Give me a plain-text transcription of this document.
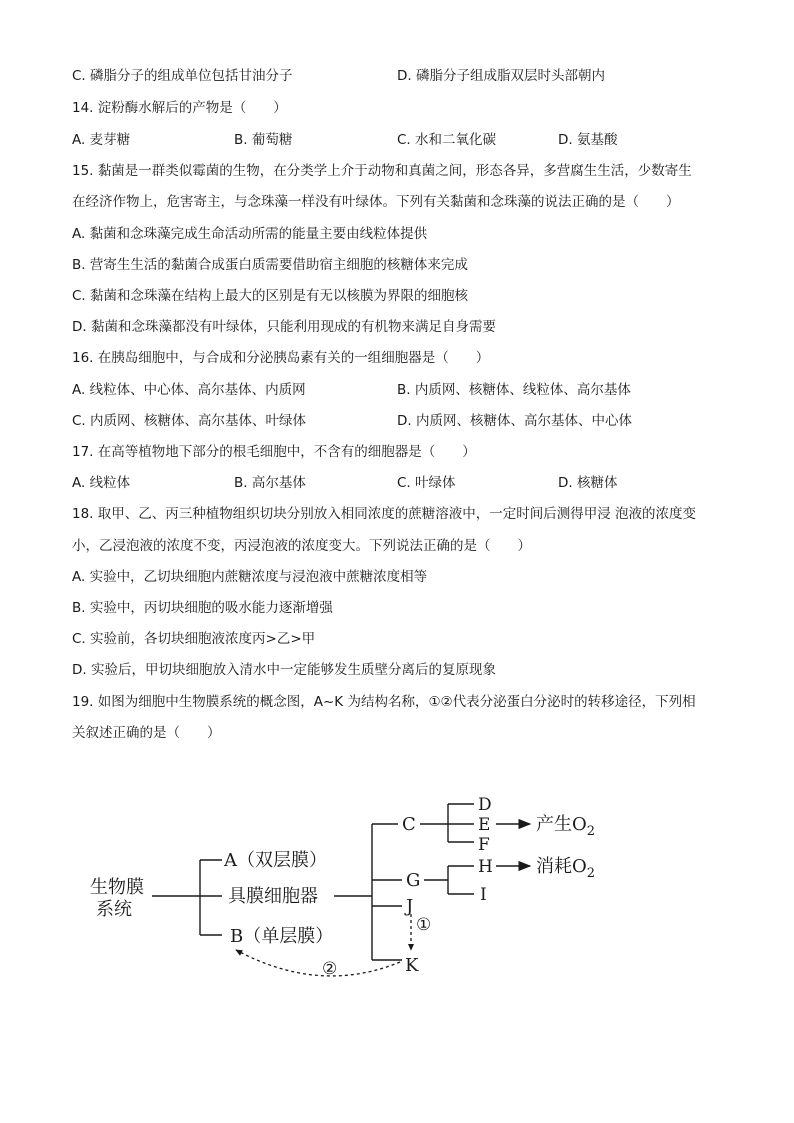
C. 磷脂分子的组成单位包括甘油分子	D. 磷脂分子组成脂双层时头部朝内
14. 淀粉酶水解后的产物是（　　）
A. 麦芽糖	B. 葡萄糖	C. 水和二氧化碳	D. 氨基酸
15. 黏菌是一群类似霉菌的生物，在分类学上介于动物和真菌之间，形态各异，多营腐生生活，少数寄生
在经济作物上，危害寄主，与念珠藻一样没有叶绿体。下列有关黏菌和念珠藻的说法正确的是（　　）
A. 黏菌和念珠藻完成生命活动所需的能量主要由线粒体提供
B. 营寄生生活的黏菌合成蛋白质需要借助宿主细胞的核糖体来完成
C. 黏菌和念珠藻在结构上最大的区别是有无以核膜为界限的细胞核
D. 黏菌和念珠藻都没有叶绿体，只能利用现成的有机物来满足自身需要
16. 在胰岛细胞中，与合成和分泌胰岛素有关的一组细胞器是（　　）
A. 线粒体、中心体、高尔基体、内质网	B. 内质网、核糖体、线粒体、高尔基体
C. 内质网、核糖体、高尔基体、叶绿体	D. 内质网、核糖体、高尔基体、中心体
17. 在高等植物地下部分的根毛细胞中，不含有的细胞器是（　　）
A. 线粒体	B. 高尔基体	C. 叶绿体	D. 核糖体
18. 取甲、乙、丙三种植物组织切块分别放入相同浓度的蔗糖溶液中，一定时间后测得甲浸 泡液的浓度变
小，乙浸泡液的浓度不变，丙浸泡液的浓度变大。下列说法正确的是（　　）
A. 实验中，乙切块细胞内蔗糖浓度与浸泡液中蔗糖浓度相等
B. 实验中，丙切块细胞的吸水能力逐渐增强
C. 实验前，各切块细胞液浓度丙>乙>甲
D. 实验后，甲切块细胞放入清水中一定能够发生质壁分离后的复原现象
19. 如图为细胞中生物膜系统的概念图，A~K 为结构名称，①②代表分泌蛋白分泌时的转移途径，下列相
关叙述正确的是（　　）
生物膜
系统
A（双层膜）
具膜细胞器
B（单层膜）
C
G
J
K
D
E
F
产生$O_2$
H
I
消耗$O_2$
①
②
